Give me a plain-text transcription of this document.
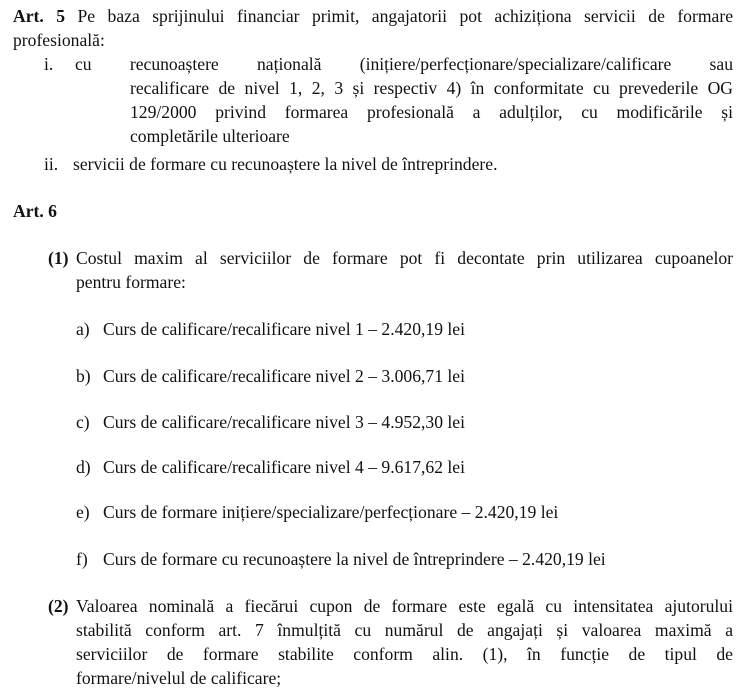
Art. 5 Pe baza sprijinului financiar primit, angajatorii pot achiziționa servicii de formare
profesională:
i. cu recunoaștere națională (inițiere/perfecționare/specializare/calificare sau
recalificare de nivel 1, 2, 3 și respectiv 4) în conformitate cu prevederile OG
129/2000 privind formarea profesională a adulților, cu modificările și
completările ulterioare
ii. servicii de formare cu recunoaștere la nivel de întreprindere.
Art. 6
(1) Costul maxim al serviciilor de formare pot fi decontate prin utilizarea cupoanelor
pentru formare:
a) Curs de calificare/recalificare nivel 1 – 2.420,19 lei
b) Curs de calificare/recalificare nivel 2 – 3.006,71 lei
c) Curs de calificare/recalificare nivel 3 – 4.952,30 lei
d) Curs de calificare/recalificare nivel 4 – 9.617,62 lei
e) Curs de formare inițiere/specializare/perfecționare – 2.420,19 lei
f) Curs de formare cu recunoaștere la nivel de întreprindere – 2.420,19 lei
(2) Valoarea nominală a fiecărui cupon de formare este egală cu intensitatea ajutorului
stabilită conform art. 7 înmulțită cu numărul de angajați și valoarea maximă a
serviciilor de formare stabilite conform alin. (1), în funcție de tipul de
formare/nivelul de calificare;
